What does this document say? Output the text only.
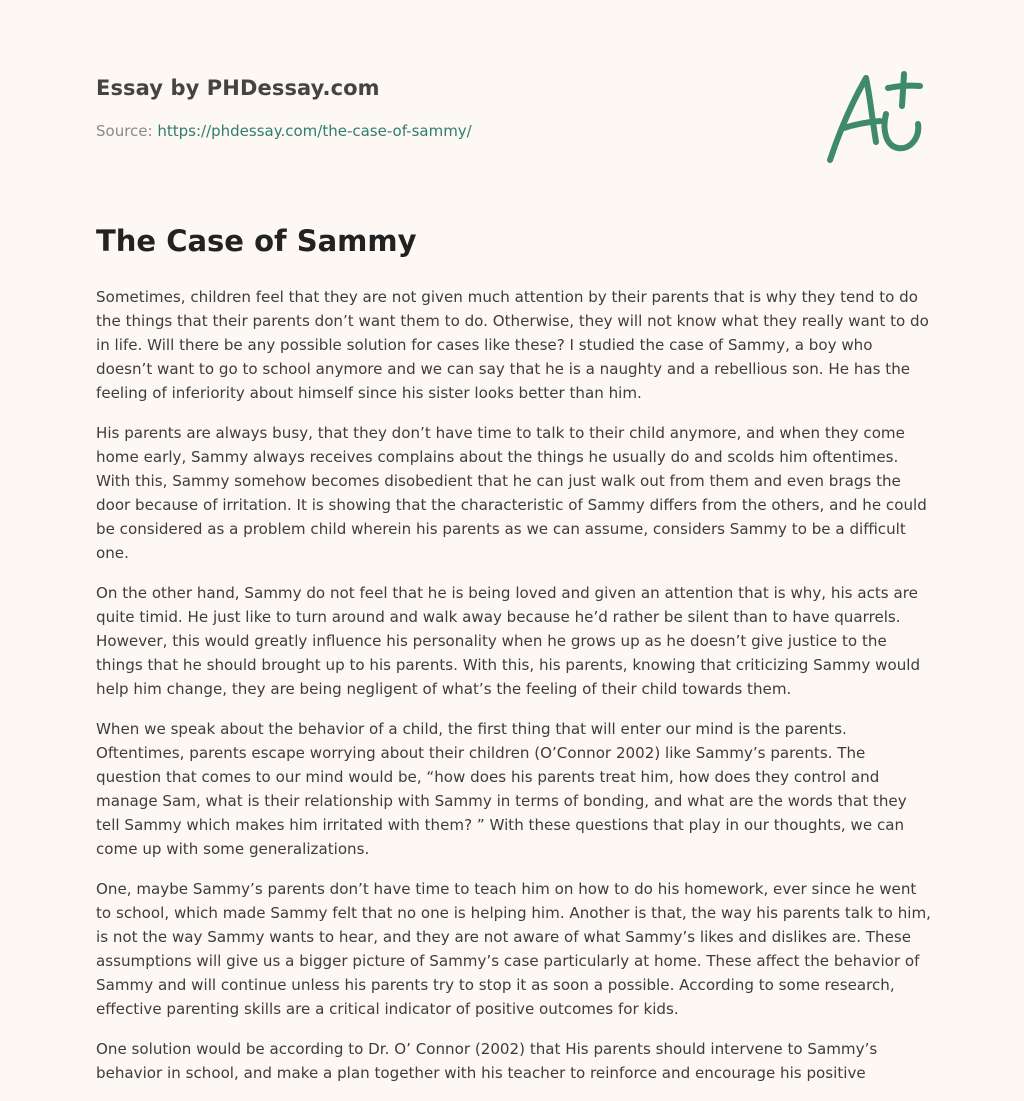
Essay by PHDessay.com
Source: https://phdessay.com/the-case-of-sammy/
The Case of Sammy

Sometimes, children feel that they are not given much attention by their parents that is why they tend to do the things that their parents don’t want them to do. Otherwise, they will not know what they really want to do in life. Will there be any possible solution for cases like these? I studied the case of Sammy, a boy who doesn’t want to go to school anymore and we can say that he is a naughty and a rebellious son. He has the feeling of inferiority about himself since his sister looks better than him.

His parents are always busy, that they don’t have time to talk to their child anymore, and when they come home early, Sammy always receives complains about the things he usually do and scolds him oftentimes. With this, Sammy somehow becomes disobedient that he can just walk out from them and even brags the door because of irritation. It is showing that the characteristic of Sammy differs from the others, and he could be considered as a problem child wherein his parents as we can assume, considers Sammy to be a difficult one.

On the other hand, Sammy do not feel that he is being loved and given an attention that is why, his acts are quite timid. He just like to turn around and walk away because he’d rather be silent than to have quarrels. However, this would greatly influence his personality when he grows up as he doesn’t give justice to the things that he should brought up to his parents. With this, his parents, knowing that criticizing Sammy would help him change, they are being negligent of what’s the feeling of their child towards them.

When we speak about the behavior of a child, the first thing that will enter our mind is the parents. Oftentimes, parents escape worrying about their children (O’Connor 2002) like Sammy’s parents. The question that comes to our mind would be, “how does his parents treat him, how does they control and manage Sam, what is their relationship with Sammy in terms of bonding, and what are the words that they tell Sammy which makes him irritated with them? ” With these questions that play in our thoughts, we can come up with some generalizations.

One, maybe Sammy’s parents don’t have time to teach him on how to do his homework, ever since he went to school, which made Sammy felt that no one is helping him. Another is that, the way his parents talk to him, is not the way Sammy wants to hear, and they are not aware of what Sammy’s likes and dislikes are. These assumptions will give us a bigger picture of Sammy’s case particularly at home. These affect the behavior of Sammy and will continue unless his parents try to stop it as soon a possible. According to some research, effective parenting skills are a critical indicator of positive outcomes for kids.

One solution would be according to Dr. O’ Connor (2002) that His parents should intervene to Sammy’s behavior in school, and make a plan together with his teacher to reinforce and encourage his positive
